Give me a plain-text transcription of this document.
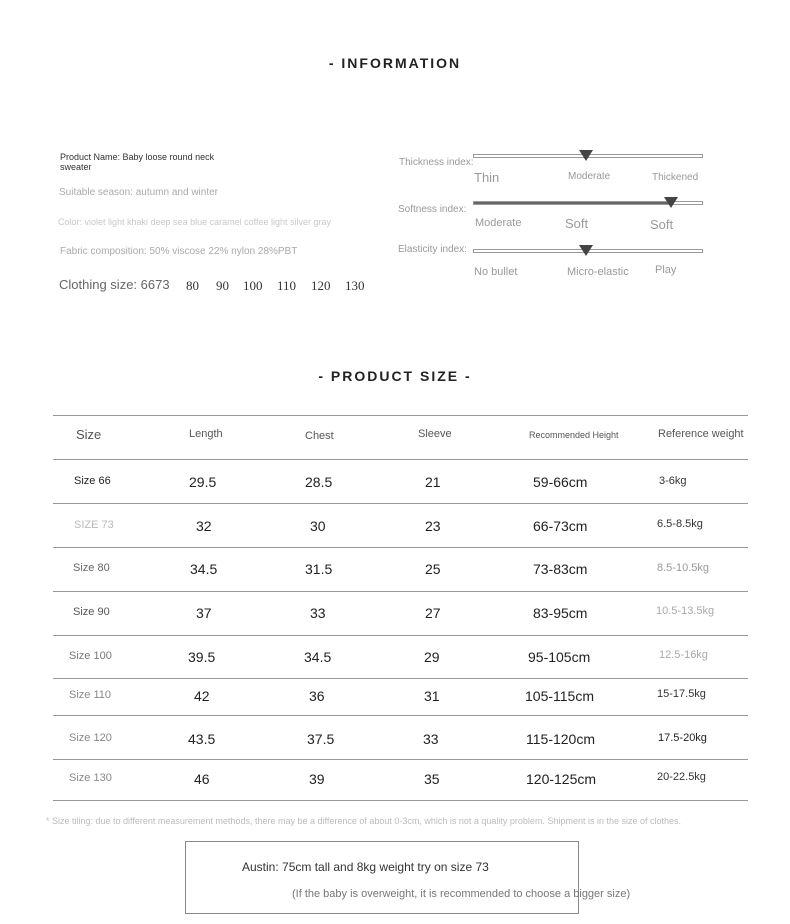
- INFORMATION
Product Name: Baby loose round neck
sweater
Suitable season: autumn and winter
Color: violet light khaki deep sea blue caramel coffee light silver gray
Fabric composition: 50% viscose 22% nylon 28%PBT
Clothing size: 6673 80 90 100 110 120 130
Thickness index:
Thin	Moderate	Thickened
Softness index:
Moderate	Soft	Soft
Elasticity index:
No bullet	Micro-elastic Play
- PRODUCT SIZE -
Size	Length	Chest	Sleeve	Recommended Height	Reference weight
Size 66	29.5	28.5	21	59-66cm	3-6kg
SIZE 73	32	30	23	66-73cm	6.5-8.5kg
Size 80	34.5	31.5	25	73-83cm	8.5-10.5kg
Size 90	37	33	27	83-95cm	10.5-13.5kg
Size 100	39.5	34.5	29	95-105cm	12.5-16kg
Size 110	42	36	31	105-115cm	15-17.5kg
Size 120	43.5	37.5	33	115-120cm	17.5-20kg
Size 130	46	39	35	120-125cm	20-22.5kg
* Size tiling: due to different measurement methods, there may be a difference of about 0-3cm, which is not a quality problem. Shipment is in the size of clothes.
Austin: 75cm tall and 8kg weight try on size 73
(If the baby is overweight, it is recommended to choose a bigger size)
